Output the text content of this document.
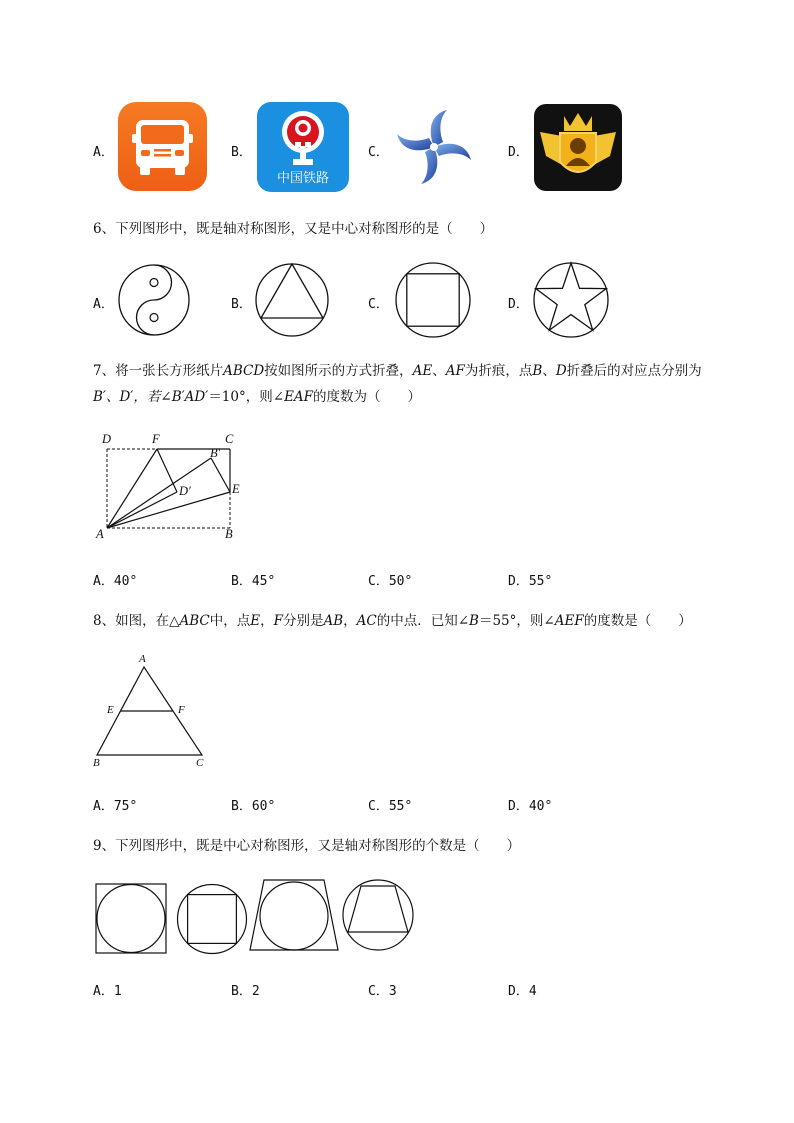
A．	B．
中国铁路
C．	D．
6、下列图形中，既是轴对称图形，又是中心对称图形的是（　　）
A．	B．	C．	D．
7、将一张长方形纸片ABCD按如图所示的方式折叠，AE、AF为折痕，点B、D折叠后的对应点分别为
B′、D′，若∠B′AD′＝10°，则∠EAF的度数为（　　）
D	F	C
B′
D′	E
A	B
A．40°	B．45°	C．50°	D．55°
8、如图，在△ABC中，点E，F分别是AB，AC的中点．已知∠B＝55°，则∠AEF的度数是（　　）
A
E	F
B	C
A．75°	B．60°	C．55°	D．40°
9、下列图形中，既是中心对称图形，又是轴对称图形的个数是（　　）
A．1	B．2	C．3	D．4
